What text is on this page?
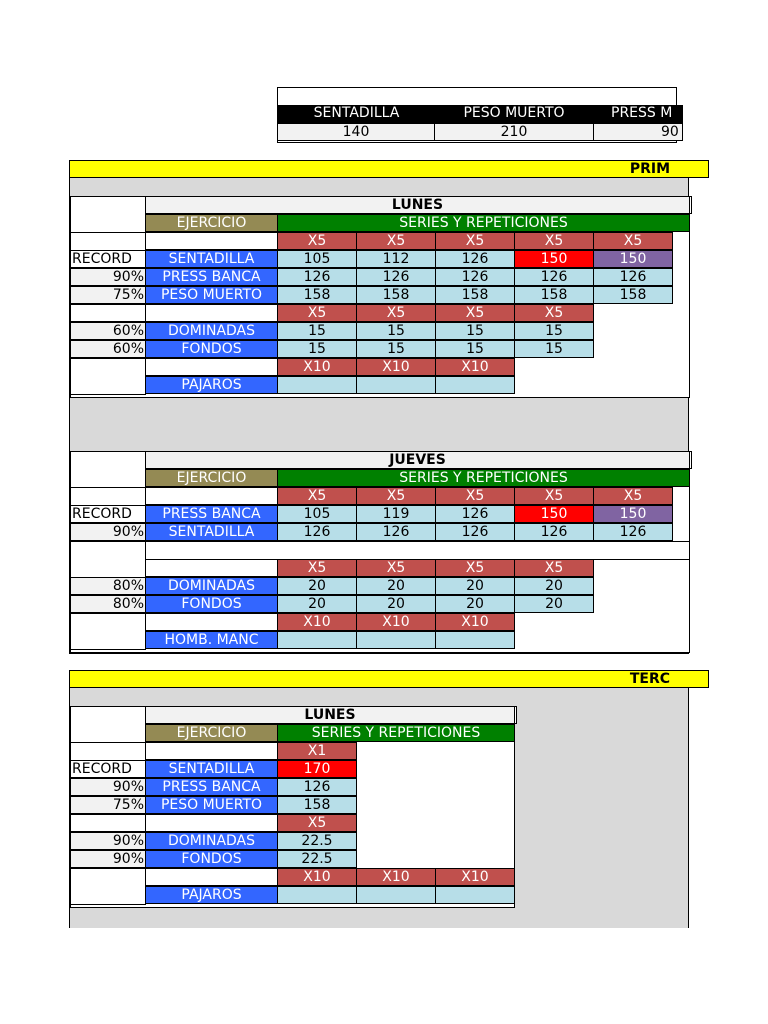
SENTADILLA	PESO MUERTO	PRESS M
140	210	90
PRIM
TERC
LUNES
EJERCICIO	SERIES Y REPETICIONES
X5	X5	X5	X5	X5
RECORD	SENTADILLA	105	112	126	150	150
90%	PRESS BANCA	126	126	126	126	126
75%	PESO MUERTO	158	158	158	158	158
X5	X5	X5	X5
60%	DOMINADAS	15	15	15	15
60%	FONDOS	15	15	15	15
X10	X10	X10
PAJAROS
JUEVES
EJERCICIO	SERIES Y REPETICIONES
X5	X5	X5	X5	X5
RECORD	PRESS BANCA	105	119	126	150	150
90%	SENTADILLA	126	126	126	126	126
X5	X5	X5	X5
80%	DOMINADAS	20	20	20	20
80%	FONDOS	20	20	20	20
X10	X10	X10
HOMB. MANC
LUNES
EJERCICIO	SERIES Y REPETICIONES
X1
RECORD	SENTADILLA	170
90%	PRESS BANCA	126
75%	PESO MUERTO	158
X5
90%	DOMINADAS	22.5
90%	FONDOS	22.5
X10	X10	X10
PAJAROS
